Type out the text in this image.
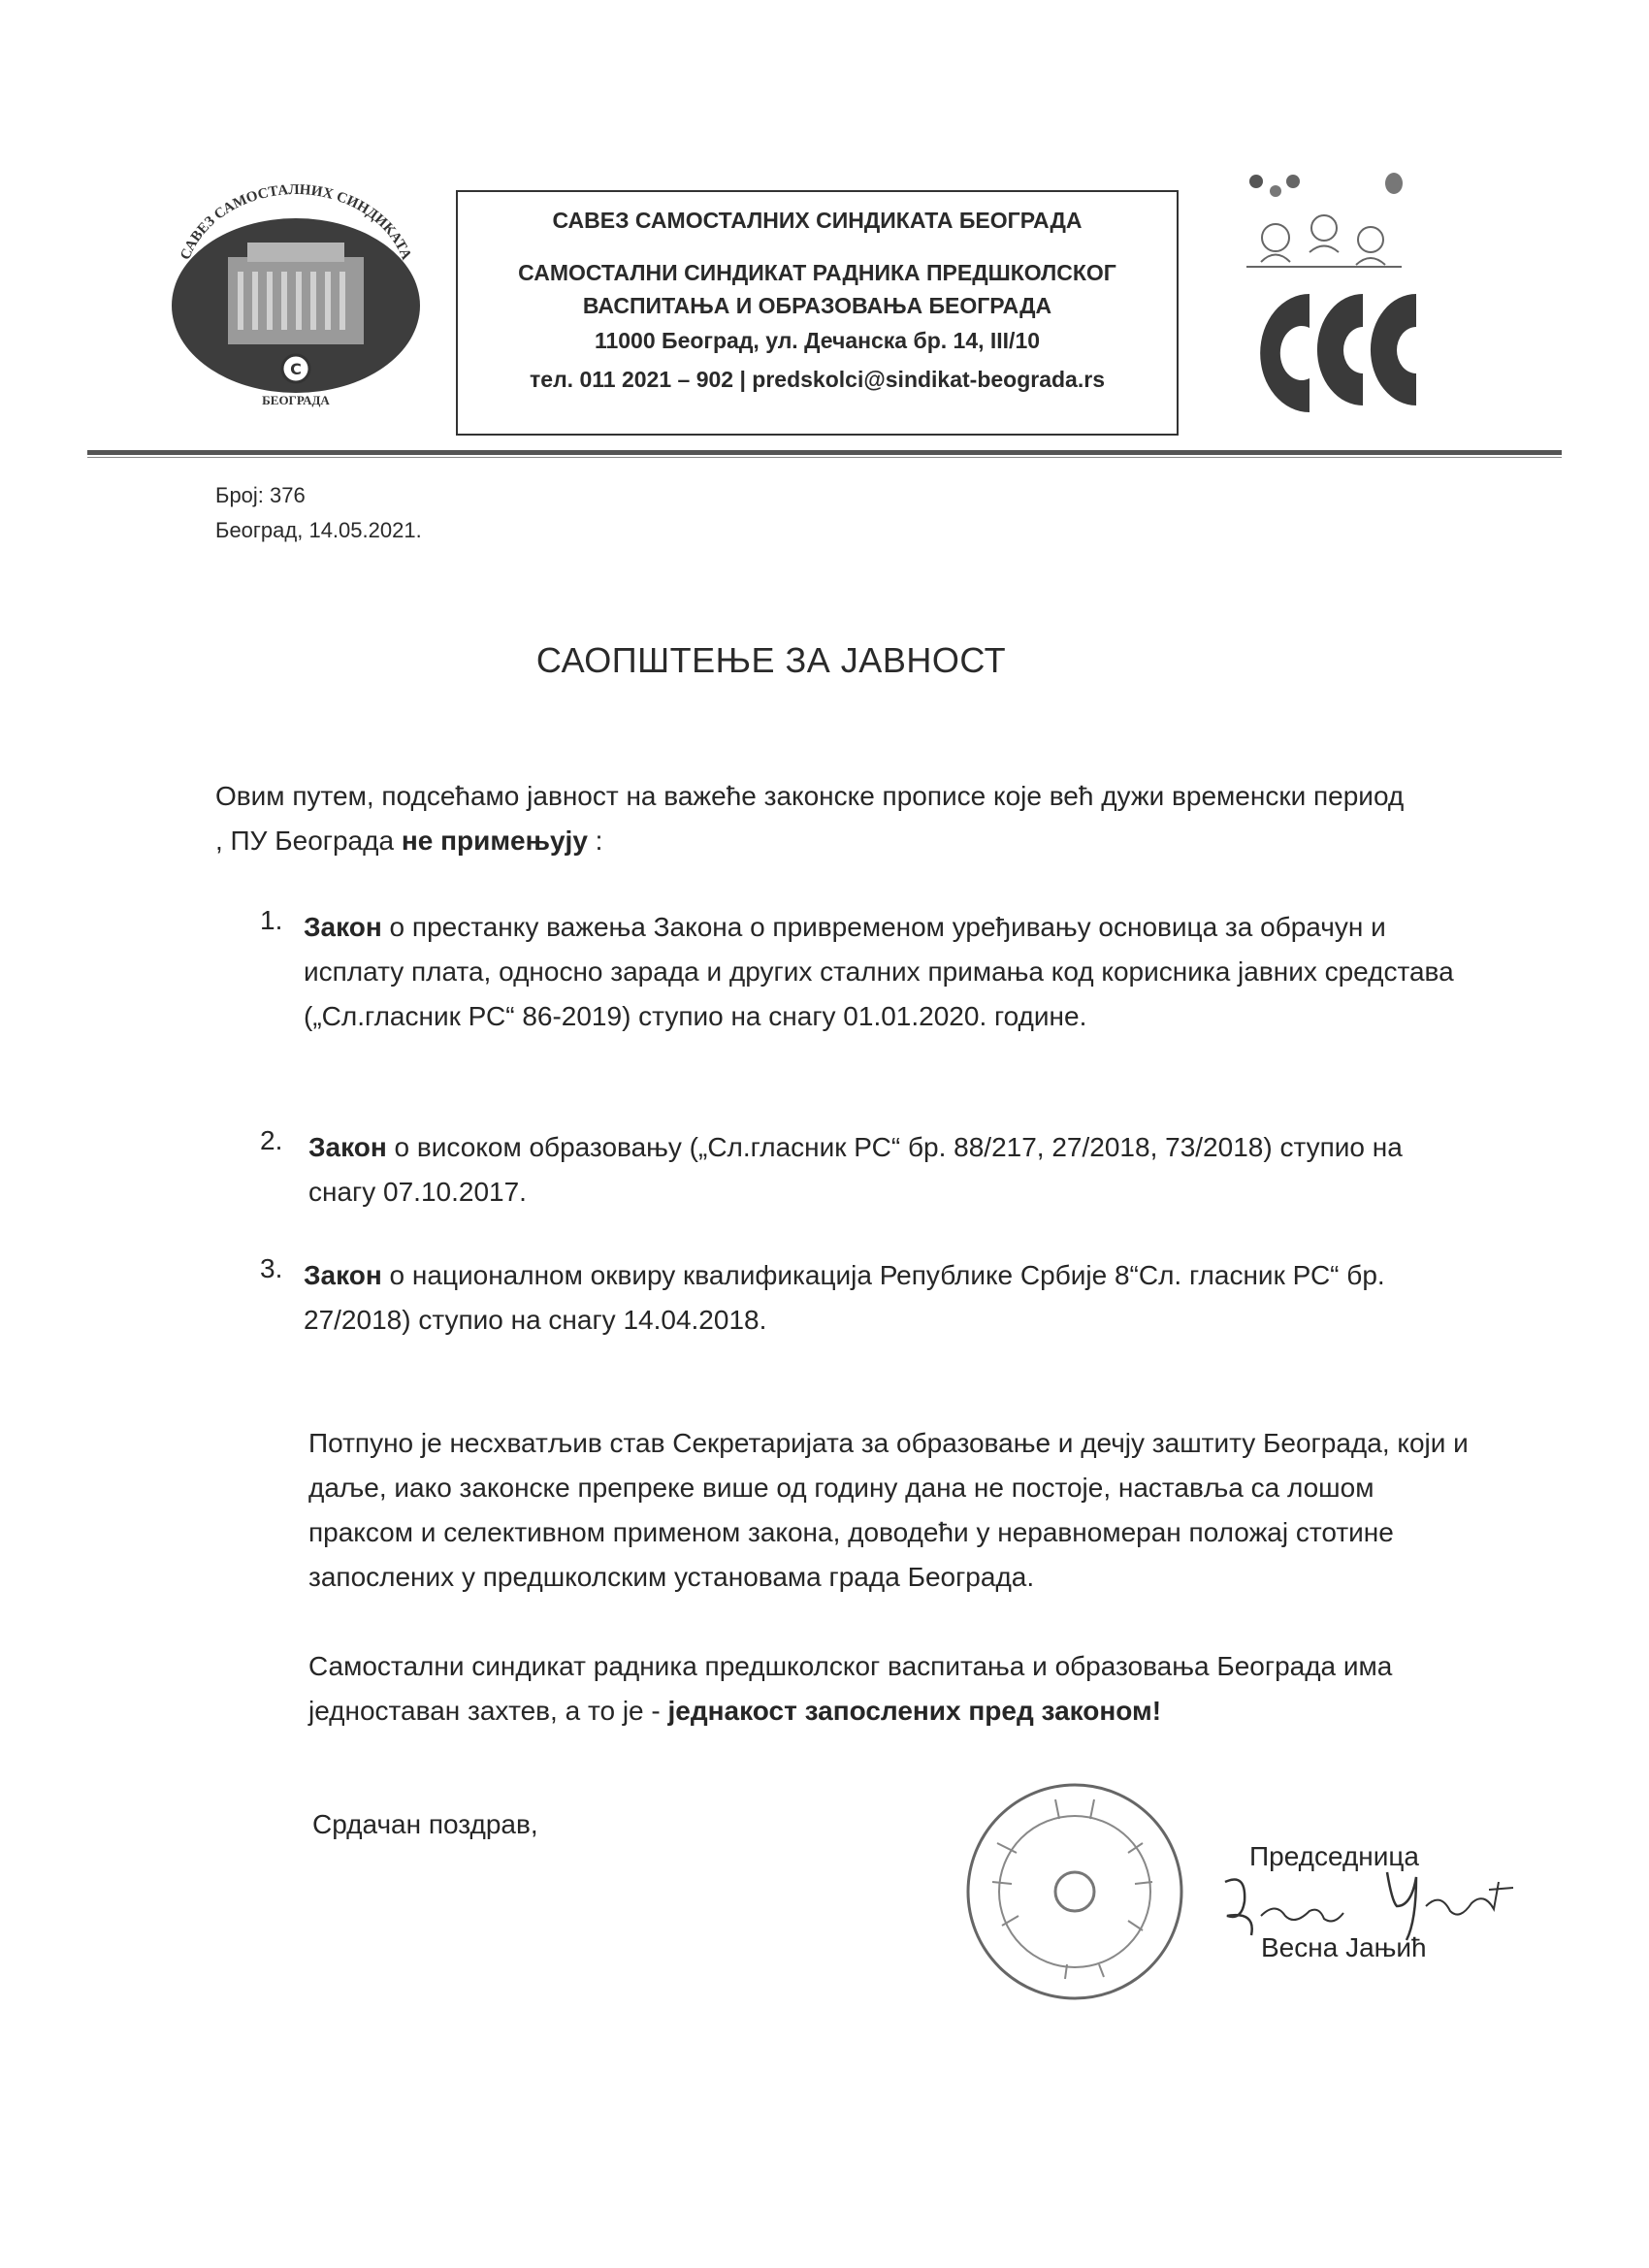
САВЕЗ САМОСТАЛНИХ СИНДИКАТА
С
БЕОГРАДА
САВЕЗ САМОСТАЛНИХ СИНДИКАТА БЕОГРАДА
САМОСТАЛНИ СИНДИКАТ РАДНИКА ПРЕДШКОЛСКОГ
ВАСПИТАЊА И ОБРАЗОВАЊА БЕОГРАДА
11000 Београд, ул. Дечанска бр. 14, III/10
тел. 011 2021 – 902 | predskolci@sindikat-beograda.rs
Број: 376
Београд, 14.05.2021.
САОПШТЕЊЕ ЗА ЈАВНОСТ
Овим путем, подсећамо јавност на важеће законске прописе које већ дужи временски период , ПУ Београда не примењују :
1. Закон о престанку важења Закона о привременом уређивању основица за обрачун и исплату плата, односно зарада и других сталних примања код корисника јавних средстава („Сл.гласник РС“ 86-2019) ступио на снагу 01.01.2020. године.
2. Закон о високом образовању („Сл.гласник РС“ бр. 88/217, 27/2018, 73/2018) ступио на снагу 07.10.2017.
3. Закон о националном оквиру квалификација Републике Србије 8“Сл. гласник РС“ бр. 27/2018) ступио на снагу 14.04.2018.
Потпуно је несхватљив став Секретаријата за образовање и дечју заштиту Београда, који и даље, иако законске препреке више од годину дана не постоје, наставља са лошом праксом и селективном применом закона, доводећи у неравномеран положај стотине запослених у предшколским установама града Београда.
Самостални синдикат радника предшколског васпитања и образовања Београда има једноставан захтев, а то је - једнакост запослених пред законом!
Срдачан поздрав,
Председница
Весна Јањић
